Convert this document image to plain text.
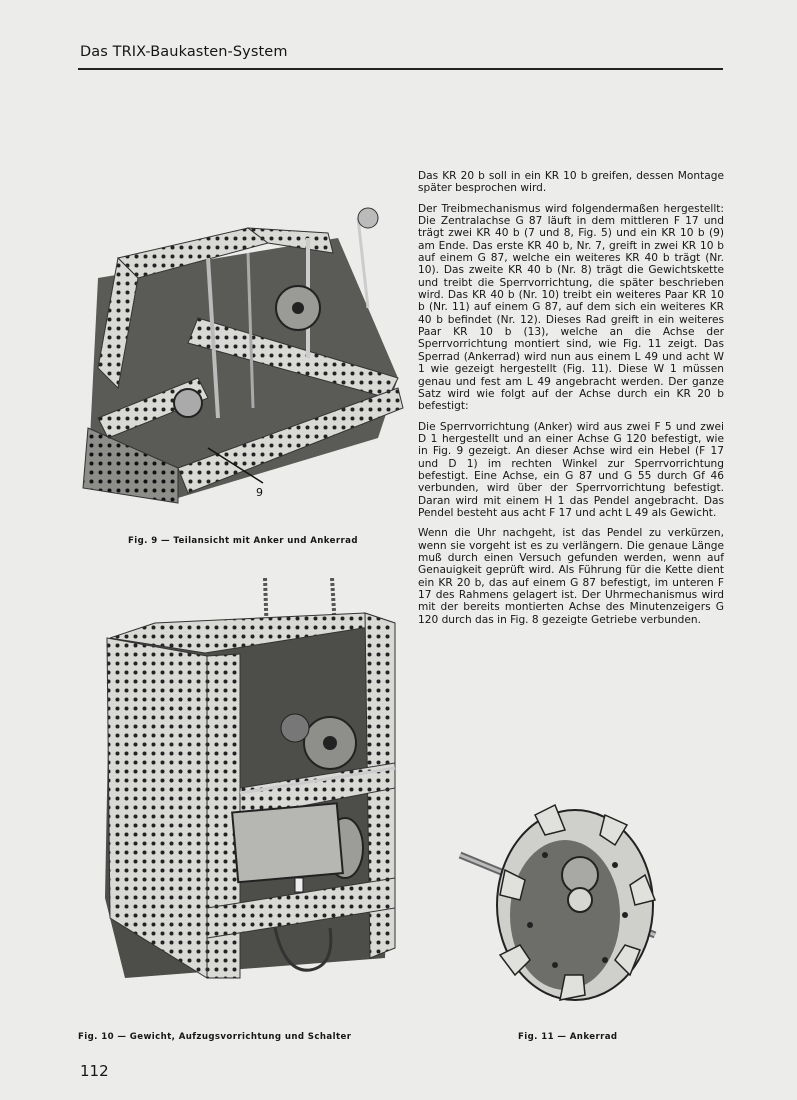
Das TRIX-Baukasten-System
9
Fig. 9 — Teilansicht mit Anker und Ankerrad

Das KR 20 b soll in ein KR 10 b greifen, dessen Montage später besprochen wird.

Der Treibmechanismus wird folgendermaßen hergestellt: Die Zentralachse G 87 läuft in dem mittleren F 17 und trägt zwei KR 40 b (7 und 8, Fig. 5) und ein KR 10 b (9) am Ende. Das erste KR 40 b, Nr. 7, greift in zwei KR 10 b auf einem G 87, welche ein weiteres KR 40 b trägt (Nr. 10). Das zweite KR 40 b (Nr. 8) trägt die Gewichtskette und treibt die Sperrvorrichtung, die später beschrieben wird. Das KR 40 b (Nr. 10) treibt ein weiteres Paar KR 10 b (Nr. 11) auf einem G 87, auf dem sich ein weiteres KR 40 b befindet (Nr. 12). Dieses Rad greift in ein weiteres Paar KR 10 b (13), welche an die Achse der Sperrvorrichtung montiert sind, wie Fig. 11 zeigt. Das Sperrad (Ankerrad) wird nun aus einem L 49 und acht W 1 wie gezeigt hergestellt (Fig. 11). Diese W 1 müssen genau und fest am L 49 angebracht werden. Der ganze Satz wird wie folgt auf der Achse durch ein KR 20 b befestigt:

Die Sperrvorrichtung (Anker) wird aus zwei F 5 und zwei D 1 hergestellt und an einer Achse G 120 befestigt, wie in Fig. 9 gezeigt. An dieser Achse wird ein Hebel (F 17 und D 1) im rechten Winkel zur Sperrvorrichtung befestigt. Eine Achse, ein G 87 und G 55 durch Gf 46 verbunden, wird über der Sperrvorrichtung befestigt. Daran wird mit einem H 1 das Pendel angebracht. Das Pendel besteht aus acht F 17 und acht L 49 als Gewicht.

Wenn die Uhr nachgeht, ist das Pendel zu verkürzen, wenn sie vorgeht ist es zu verlängern. Die genaue Länge muß durch einen Versuch gefunden werden, wenn auf Genauigkeit geprüft wird. Als Führung für die Kette dient ein KR 20 b, das auf einem G 87 befestigt, im unteren F 17 des Rahmens gelagert ist. Der Uhrmechanismus wird mit der bereits montierten Achse des Minutenzeigers G 120 durch das in Fig. 8 gezeigte Getriebe verbunden.

Fig. 10 — Gewicht, Aufzugsvorrichtung und Schalter	Fig. 11 — Ankerrad
112
